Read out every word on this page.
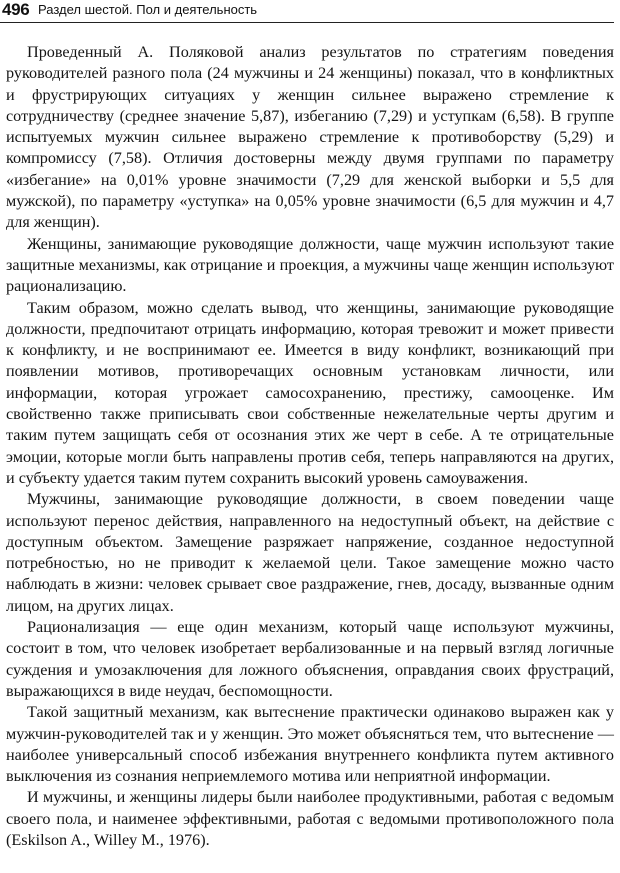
496 Раздел шестой. Пол и деятельность

Проведенный А. Поляковой анализ результатов по стратегиям поведения руководителей разного пола (24 мужчины и 24 женщины) показал, что в конфликтных и фрустрирующих ситуациях у женщин сильнее выражено стремление к сотрудничеству (среднее значение 5,87), избеганию (7,29) и уступкам (6,58). В группе испытуемых мужчин сильнее выражено стремление к противоборству (5,29) и компромиссу (7,58). Отличия достоверны между двумя группами по параметру «избегание» на 0,01% уровне значимости (7,29 для женской выборки и 5,5 для мужской), по параметру «уступка» на 0,05% уровне значимости (6,5 для мужчин и 4,7 для женщин).

Женщины, занимающие руководящие должности, чаще мужчин используют такие защитные механизмы, как отрицание и проекция, а мужчины чаще женщин используют рационализацию.

Таким образом, можно сделать вывод, что женщины, занимающие руководящие должности, предпочитают отрицать информацию, которая тревожит и может привести к конфликту, и не воспринимают ее. Имеется в виду конфликт, возникающий при появлении мотивов, противоречащих основным установкам личности, или информации, которая угрожает самосохранению, престижу, самооценке. Им свойственно также приписывать свои собственные нежелательные черты другим и таким путем защищать себя от осознания этих же черт в себе. А те отрицательные эмоции, которые могли быть направлены против себя, теперь направляются на других, и субъекту удается таким путем сохранить высокий уровень самоуважения.

Мужчины, занимающие руководящие должности, в своем поведении чаще используют перенос действия, направленного на недоступный объект, на действие с доступным объектом. Замещение разряжает напряжение, созданное недоступной потребностью, но не приводит к желаемой цели. Такое замещение можно часто наблюдать в жизни: человек срывает свое раздражение, гнев, досаду, вызванные одним лицом, на других лицах.

Рационализация — еще один механизм, который чаще используют мужчины, состоит в том, что человек изобретает вербализованные и на первый взгляд логичные суждения и умозаключения для ложного объяснения, оправдания своих фрустраций, выражающихся в виде неудач, беспомощности.

Такой защитный механизм, как вытеснение практически одинаково выражен как у мужчин-руководителей так и у женщин. Это может объясняться тем, что вытеснение — наиболее универсальный способ избежания внутреннего конфликта путем активного выключения из сознания неприемлемого мотива или неприятной информации.

И мужчины, и женщины лидеры были наиболее продуктивными, работая с ведомым своего пола, и наименее эффективными, работая с ведомыми противоположного пола (Eskilson A., Willey M., 1976).
